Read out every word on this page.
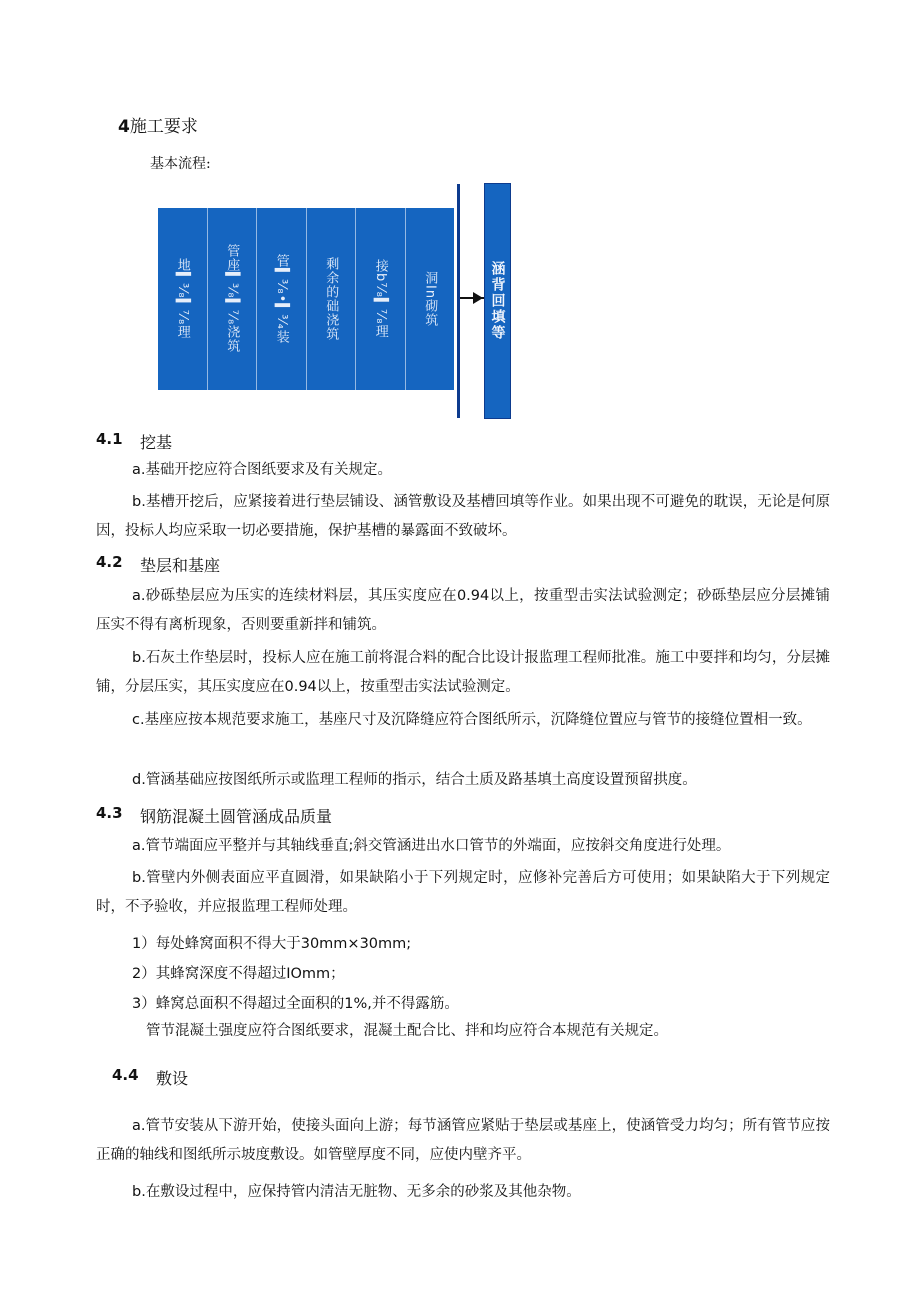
4施工要求
基本流程:
地▍³⁄₈▍⁷⁄₈理	管座▍³⁄₈▍⁷⁄₈浇筑	管▍³⁄₈•▍³⁄₄装	剩余的础浇筑	接b⁷⁄₈▍⁷⁄₈理	洞In砌筑	涵背回填等
4.1	挖基
a.基础开挖应符合图纸要求及有关规定。
b.基槽开挖后，应紧接着进行垫层铺设、涵管敷设及基槽回填等作业。如果出现不可避免的耽误，无论是何原因，投标人均应采取一切必要措施，保护基槽的暴露面不致破坏。
4.2	垫层和基座
a.砂砾垫层应为压实的连续材料层，其压实度应在0.94以上，按重型击实法试验测定；砂砾垫层应分层摊铺压实不得有离析现象，否则要重新拌和铺筑。
b.石灰土作垫层时，投标人应在施工前将混合料的配合比设计报监理工程师批准。施工中要拌和均匀，分层摊铺，分层压实，其压实度应在0.94以上，按重型击实法试验测定。
c.基座应按本规范要求施工，基座尺寸及沉降缝应符合图纸所示，沉降缝位置应与管节的接缝位置相一致。
d.管涵基础应按图纸所示或监理工程师的指示，结合土质及路基填土高度设置预留拱度。
4.3	钢筋混凝土圆管涵成品质量
a.管节端面应平整并与其轴线垂直;斜交管涵进出水口管节的外端面，应按斜交角度进行处理。
b.管壁内外侧表面应平直圆滑，如果缺陷小于下列规定时，应修补完善后方可使用；如果缺陷大于下列规定时，不予验收，并应报监理工程师处理。
1）每处蜂窝面积不得大于30mm×30mm;
2）其蜂窝深度不得超过IOmm；
3）蜂窝总面积不得超过全面积的1%,并不得露筋。
管节混凝土强度应符合图纸要求，混凝土配合比、拌和均应符合本规范有关规定。
4.4	敷设
a.管节安装从下游开始，使接头面向上游；每节涵管应紧贴于垫层或基座上，使涵管受力均匀；所有管节应按正确的轴线和图纸所示坡度敷设。如管壁厚度不同，应使内壁齐平。
b.在敷设过程中，应保持管内清洁无脏物、无多余的砂浆及其他杂物。
